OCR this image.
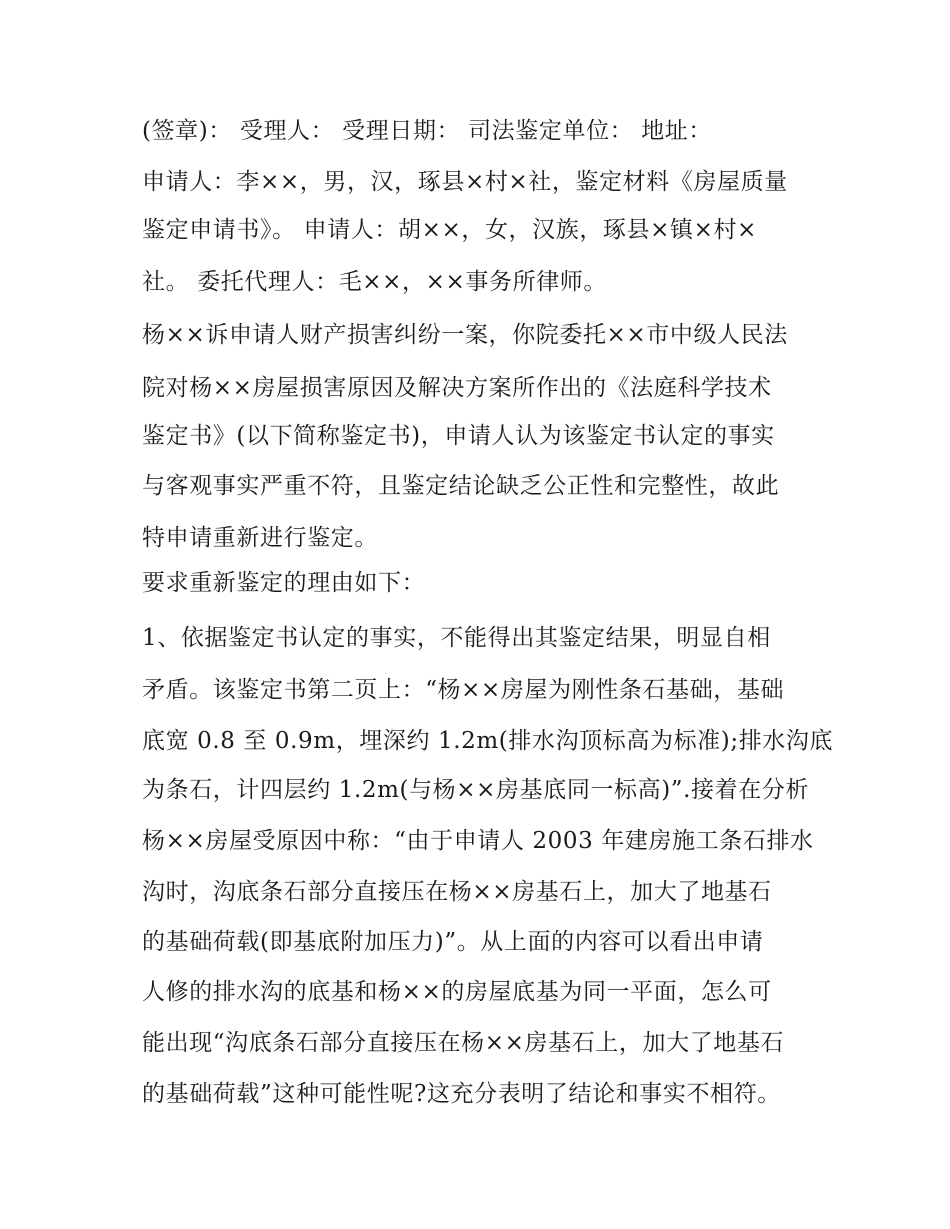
(签章)： 受理人： 受理日期： 司法鉴定单位： 地址：
申请人：李××，男，汉，琢县×村×社，鉴定材料《房屋质量
鉴定申请书》。 申请人：胡××，女，汉族，琢县×镇×村×
社。 委托代理人：毛××，××事务所律师。
杨××诉申请人财产损害纠纷一案，你院委托××市中级人民法
院对杨××房屋损害原因及解决方案所作出的《法庭科学技术
鉴定书》(以下简称鉴定书)，申请人认为该鉴定书认定的事实
与客观事实严重不符，且鉴定结论缺乏公正性和完整性，故此
特申请重新进行鉴定。
要求重新鉴定的理由如下：
1、依据鉴定书认定的事实，不能得出其鉴定结果，明显自相
矛盾。该鉴定书第二页上：“杨××房屋为刚性条石基础，基础
底宽 0.8 至 0.9m，埋深约 1.2m(排水沟顶标高为标准);排水沟底
为条石，计四层约 1.2m(与杨××房基底同一标高)”.接着在分析
杨××房屋受原因中称：“由于申请人 2003 年建房施工条石排水
沟时，沟底条石部分直接压在杨××房基石上，加大了地基石
的基础荷载(即基底附加压力)”。从上面的内容可以看出申请
人修的排水沟的底基和杨××的房屋底基为同一平面，怎么可
能出现“沟底条石部分直接压在杨××房基石上，加大了地基石
的基础荷载”这种可能性呢?这充分表明了结论和事实不相符。
